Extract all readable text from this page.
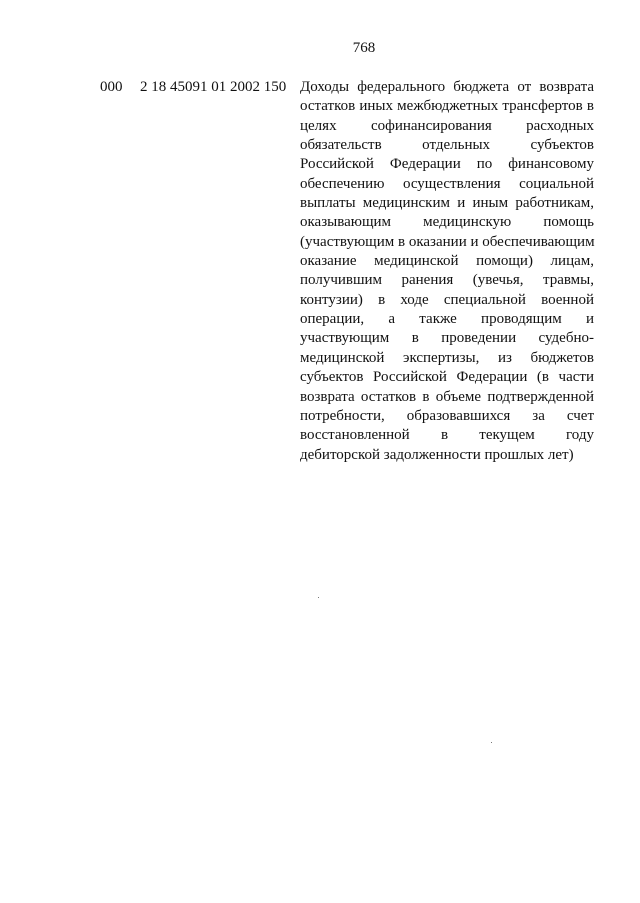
768
000 2 18 45091 01 2002 150 Доходы федерального бюджета от возврата
остатков иных межбюджетных трансфертов в
целях софинансирования расходных
обязательств отдельных субъектов
Российской Федерации по финансовому
обеспечению осуществления социальной
выплаты медицинским и иным работникам,
оказывающим медицинскую помощь
(участвующим в оказании и обеспечивающим
оказание медицинской помощи) лицам,
получившим ранения (увечья, травмы,
контузии) в ходе специальной военной
операции, а также проводящим и
участвующим в проведении судебно-
медицинской экспертизы, из бюджетов
субъектов Российской Федерации (в части
возврата остатков в объеме подтвержденной
потребности, образовавшихся за счет
восстановленной в текущем году
дебиторской задолженности прошлых лет)
